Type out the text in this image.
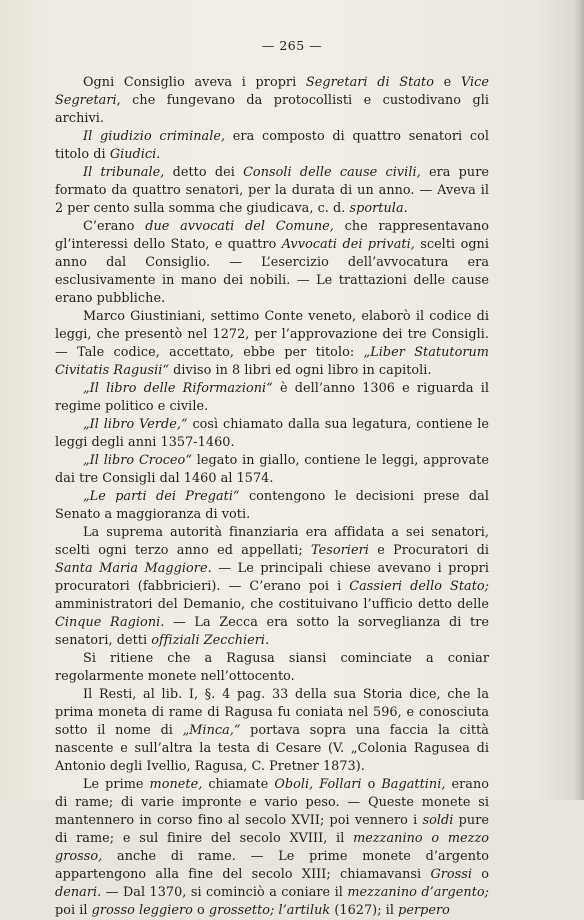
— 265 —

Ogni Consiglio aveva i propri Segretari di Stato e Vice Segretari, che fungevano da protocollisti e custodivano gli archivi.

Il giudizio criminale, era composto di quattro senatori col titolo di Giudici.

Il tribunale, detto dei Consoli delle cause civili, era pure formato da quattro senatori, per la durata di un anno. — Aveva il 2 per cento sulla somma che giudicava, c. d. sportula.

C’erano due avvocati del Comune, che rappresentavano gl’interessi dello Stato, e quattro Avvocati dei privati, scelti ogni anno dal Consiglio. — L’esercizio dell’avvocatura era esclusivamente in mano dei nobili. — Le trattazioni delle cause erano pubbliche.

Marco Giustiniani, settimo Conte veneto, elaborò il codice di leggi, che presentò nel 1272, per l’approvazione dei tre Consigli. — Tale codice, accettato, ebbe per titolo: „Liber Statutorum Civitatis Ragusii“ diviso in 8 libri ed ogni libro in capitoli.

„Il libro delle Riformazioni“ è dell’anno 1306 e riguarda il regime politico e civile.

„Il libro Verde,“ così chiamato dalla sua legatura, contiene le leggi degli anni 1357-1460.

„Il libro Croceo“ legato in giallo, contiene le leggi, approvate dai tre Consigli dal 1460 al 1574.

„Le parti dei Pregati“ contengono le decisioni prese dal Senato a maggioranza di voti.

La suprema autorità finanziaria era affidata a sei senatori, scelti ogni terzo anno ed appellati; Tesorieri e Procuratori di Santa Maria Maggiore. — Le principali chiese avevano i propri procuratori (fabbricieri). — C’erano poi i Cassieri dello Stato; amministratori del Demanio, che costituivano l’ufficio detto delle Cinque Ragioni. — La Zecca era sotto la sorveglianza di tre senatori, detti offiziali Zecchieri.

Si ritiene che a Ragusa siansi cominciate a coniar regolarmente monete nell’ottocento.

Il Resti, al lib. I, §. 4 pag. 33 della sua Storia dice, che la prima moneta di rame di Ragusa fu coniata nel 596, e conosciuta sotto il nome di „Minca,“ portava sopra una faccia la città nascente e sull’altra la testa di Cesare (V. „Colonia Ragusea di Antonio degli Ivellio, Ragusa, C. Pretner 1873).

Le prime monete, chiamate Oboli, Follari o Bagattini, erano di rame; di varie impronte e vario peso. — Queste monete si mantennero in corso fino al secolo XVII; poi vennero i soldi pure di rame; e sul finire del secolo XVIII, il mezzanino o mezzo grosso, anche di rame. — Le prime monete d’argento appartengono alla fine del secolo XIII; chiamavansi Grossi o denari. — Dal 1370, si cominciò a coniare il mezzanino d’argento; poi il grosso leggiero o grossetto; l’artiluk (1627); il perpero
